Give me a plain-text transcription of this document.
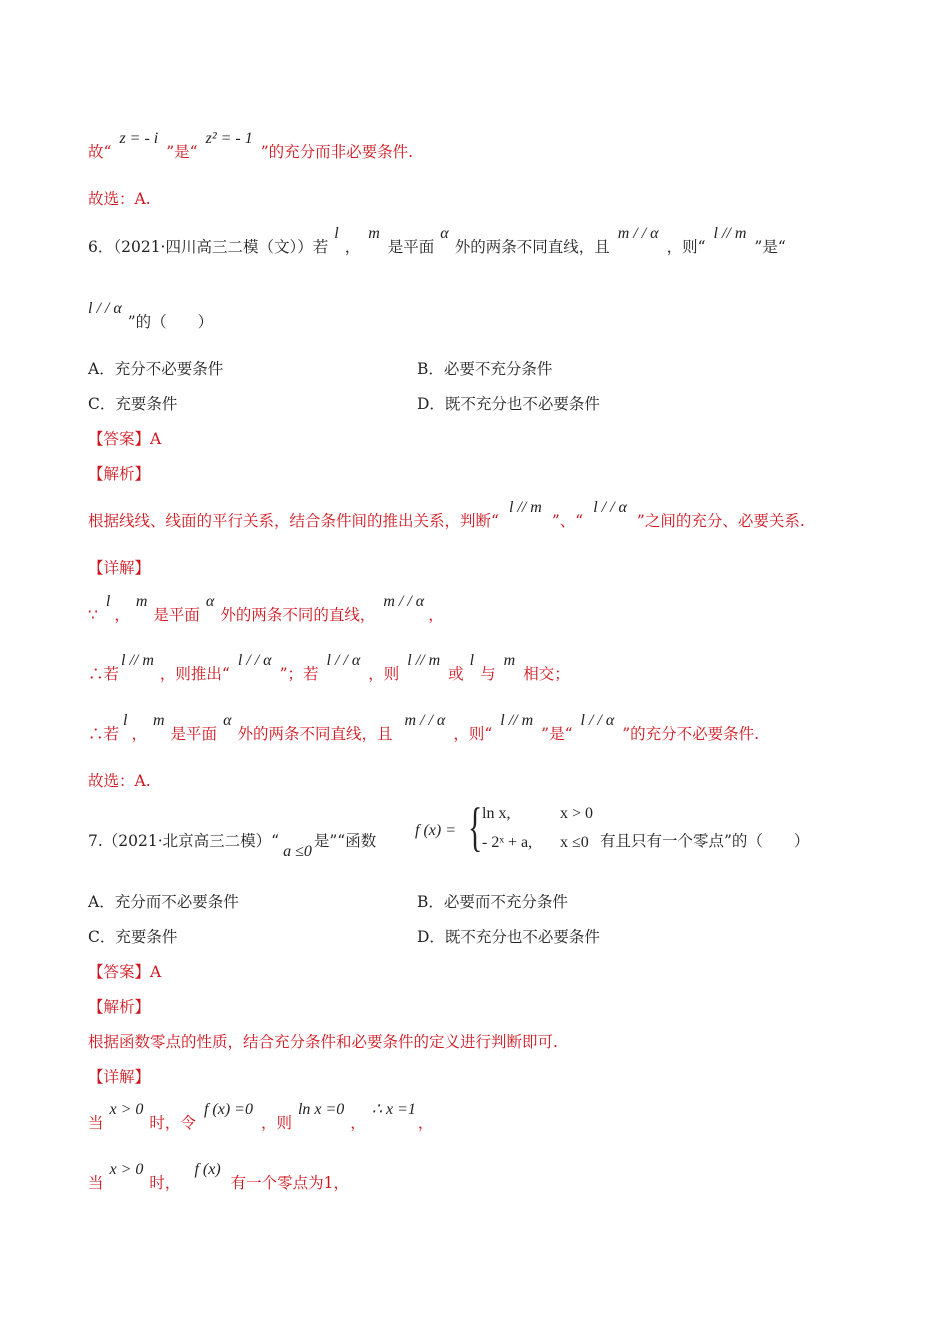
故“z = - i”是“z² = - 1”的充分而非必要条件.
故选：A.
6．（2021·四川高三二模（文））若l，m是平面α外的两条不同直线，且m / / α，则“l // m”是“
l / / α”的（　　）
A．充分不必要条件	B．必要不充分条件
C．充要条件	D．既不充分也不必要条件
【答案】A
【解析】
根据线线、线面的平行关系，结合条件间的推出关系，判断“l // m”、“l / / α”之间的充分、必要关系.
【详解】
∵l，m是平面α外的两条不同的直线，m / / α，
∴若l // m，则推出“l / / α”；若l / / α，则l // m或l与m相交；
∴若l，m是平面α外的两条不同直线，且m / / α，则“l // m”是“l / / α”的充分不必要条件.
故选：A.
7.（2021·北京高三二模）“a ≤0是”“函数
f (x) = { ln x,	x > 0
- 2ˣ + a, x ≤0 有且只有一个零点”的（　　）
A．充分而不必要条件	B．必要而不充分条件
C．充要条件	D．既不充分也不必要条件
【答案】A
【解析】
根据函数零点的性质，结合充分条件和必要条件的定义进行判断即可.
【详解】
当x > 0时，令f (x) =0，则ln x =0，∴ x =1，
当x > 0时，f (x)有一个零点为1，
